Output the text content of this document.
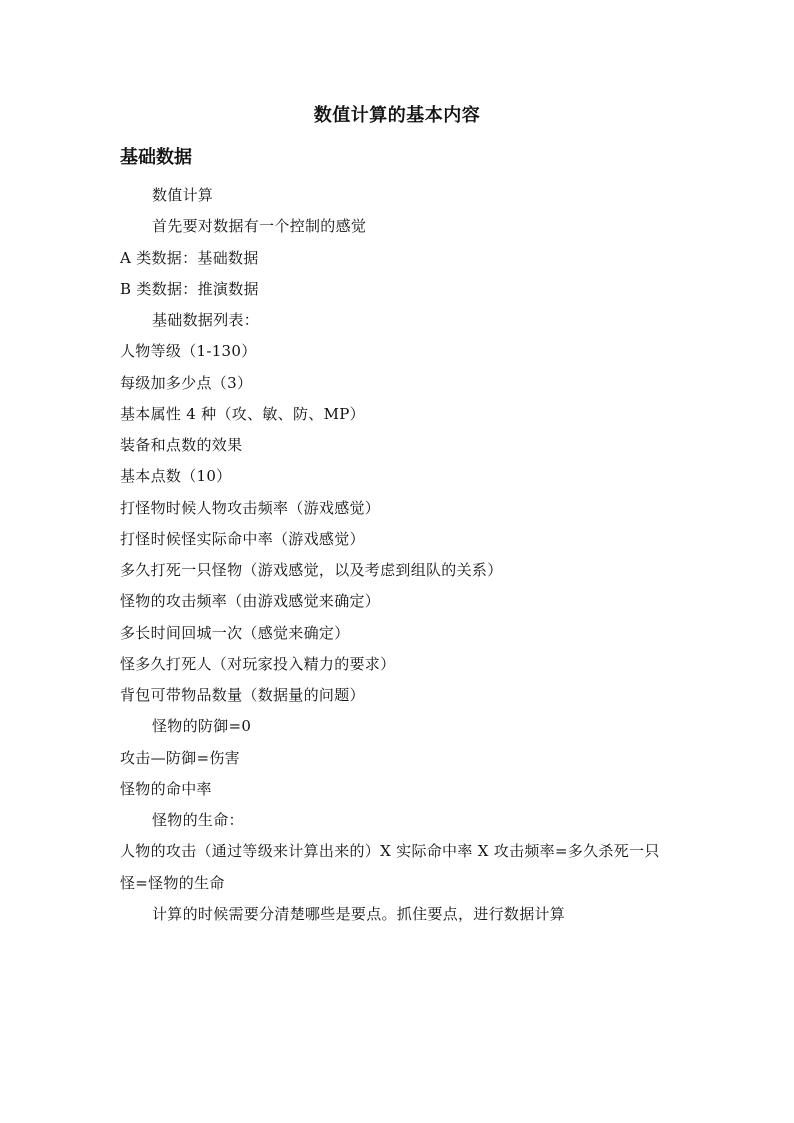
数值计算的基本内容
基础数据
数值计算
首先要对数据有一个控制的感觉
A 类数据：基础数据
B 类数据：推演数据
基础数据列表：
人物等级（1-130）
每级加多少点（3）
基本属性 4 种（攻、敏、防、MP）
装备和点数的效果
基本点数（10）
打怪物时候人物攻击频率（游戏感觉）
打怪时候怪实际命中率（游戏感觉）
多久打死一只怪物（游戏感觉，以及考虑到组队的关系）
怪物的攻击频率（由游戏感觉来确定）
多长时间回城一次（感觉来确定）
怪多久打死人（对玩家投入精力的要求）
背包可带物品数量（数据量的问题）
怪物的防御=0
攻击—防御=伤害
怪物的命中率
怪物的生命：
人物的攻击（通过等级来计算出来的）X 实际命中率 X 攻击频率=多久杀死一只
怪=怪物的生命
计算的时候需要分清楚哪些是要点。抓住要点，进行数据计算
